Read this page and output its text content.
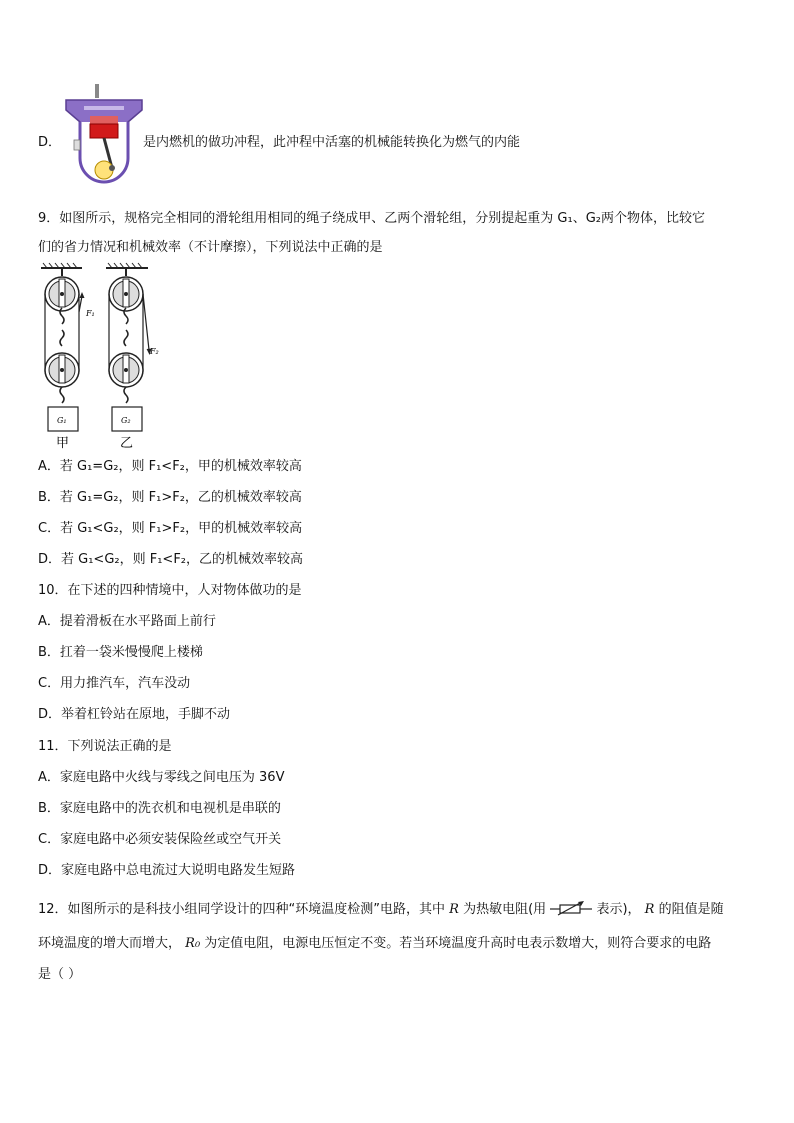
D．	是内燃机的做功冲程，此冲程中活塞的机械能转换化为燃气的内能
9．如图所示，规格完全相同的滑轮组用相同的绳子绕成甲、乙两个滑轮组，分别提起重为 G₁、G₂两个物体，比较它
们的省力情况和机械效率（不计摩擦），下列说法中正确的是
F₁
G₁
F₂
G₂
甲	乙
A．若 G₁=G₂，则 F₁<F₂，甲的机械效率较高
B．若 G₁=G₂，则 F₁>F₂，乙的机械效率较高
C．若 G₁<G₂，则 F₁>F₂，甲的机械效率较高
D．若 G₁<G₂，则 F₁<F₂，乙的机械效率较高
10．在下述的四种情境中，人对物体做功的是
A．提着滑板在水平路面上前行
B．扛着一袋米慢慢爬上楼梯
C．用力推汽车，汽车没动
D．举着杠铃站在原地，手脚不动
11．下列说法正确的是
A．家庭电路中火线与零线之间电压为 36V
B．家庭电路中的洗衣机和电视机是串联的
C．家庭电路中必须安装保险丝或空气开关
D．家庭电路中总电流过大说明电路发生短路
12．如图所示的是科技小组同学设计的四种“环境温度检测”电路，其中 R 为热敏电阻(用	表示)， R 的阻值是随
环境温度的增大而增大， R₀ 为定值电阻，电源电压恒定不变。若当环境温度升高时电表示数增大，则符合要求的电路
是（ ）
